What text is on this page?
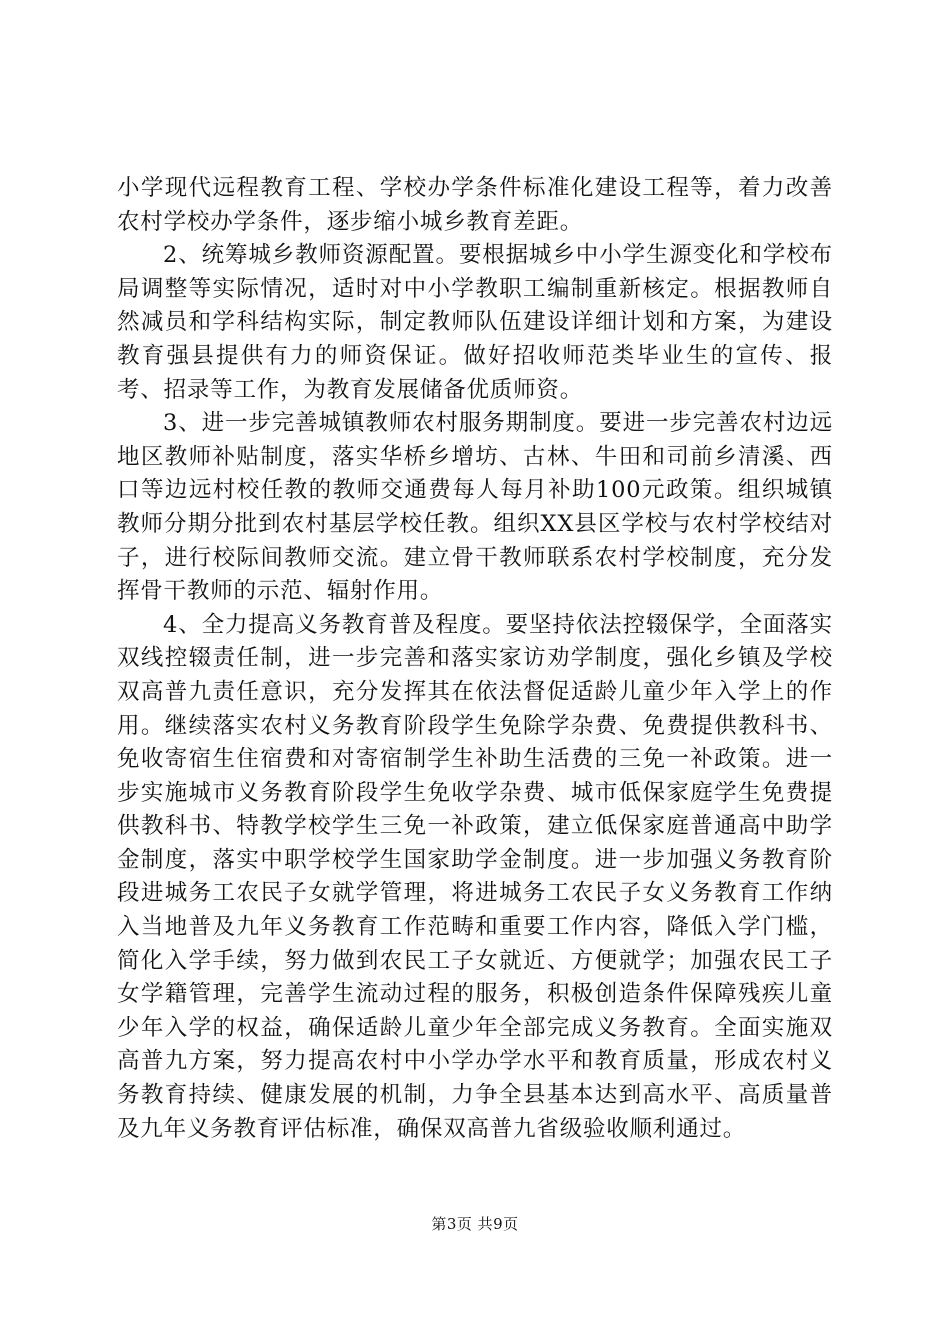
小学现代远程教育工程、学校办学条件标准化建设工程等，着力改善农村学校办学条件，逐步缩小城乡教育差距。

2、统筹城乡教师资源配置。要根据城乡中小学生源变化和学校布局调整等实际情况，适时对中小学教职工编制重新核定。根据教师自然减员和学科结构实际，制定教师队伍建设详细计划和方案，为建设教育强县提供有力的师资保证。做好招收师范类毕业生的宣传、报考、招录等工作，为教育发展储备优质师资。

3、进一步完善城镇教师农村服务期制度。要进一步完善农村边远地区教师补贴制度，落实华桥乡增坊、古林、牛田和司前乡清溪、西口等边远村校任教的教师交通费每人每月补助100元政策。组织城镇教师分期分批到农村基层学校任教。组织XX县区学校与农村学校结对子，进行校际间教师交流。建立骨干教师联系农村学校制度，充分发挥骨干教师的示范、辐射作用。

4、全力提高义务教育普及程度。要坚持依法控辍保学，全面落实双线控辍责任制，进一步完善和落实家访劝学制度，强化乡镇及学校双高普九责任意识，充分发挥其在依法督促适龄儿童少年入学上的作用。继续落实农村义务教育阶段学生免除学杂费、免费提供教科书、免收寄宿生住宿费和对寄宿制学生补助生活费的三免一补政策。进一步实施城市义务教育阶段学生免收学杂费、城市低保家庭学生免费提供教科书、特教学校学生三免一补政策，建立低保家庭普通高中助学金制度，落实中职学校学生国家助学金制度。进一步加强义务教育阶段进城务工农民子女就学管理，将进城务工农民子女义务教育工作纳入当地普及九年义务教育工作范畴和重要工作内容，降低入学门槛，简化入学手续，努力做到农民工子女就近、方便就学；加强农民工子女学籍管理，完善学生流动过程的服务，积极创造条件保障残疾儿童少年入学的权益，确保适龄儿童少年全部完成义务教育。全面实施双高普九方案，努力提高农村中小学办学水平和教育质量，形成农村义务教育持续、健康发展的机制，力争全县基本达到高水平、高质量普及九年义务教育评估标准，确保双高普九省级验收顺利通过。

第3页 共9页
